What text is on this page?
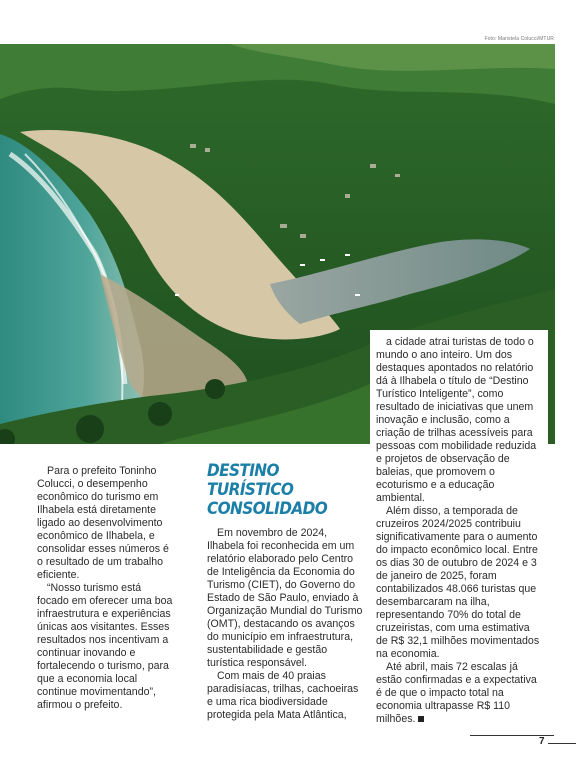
Foto: Maristela Colucci/MTUR

Para o prefeito Toninho Colucci, o desempenho econômico do turismo em Ilhabela está diretamente ligado ao desenvolvimento econômico de Ilhabela, e consolidar esses números é o resultado de um trabalho eficiente.

“Nosso turismo está focado em oferecer uma boa infraestrutura e experiências únicas aos visitantes. Esses resultados nos incentivam a continuar inovando e fortalecendo o turismo, para que a economia local continue movimentando”, afirmou o prefeito.

DESTINO TURÍSTICO
CONSOLIDADO

Em novembro de 2024, Ilhabela foi reconhecida em um relatório elaborado pelo Centro de Inteligência da Economia do Turismo (CIET), do Governo do Estado de São Paulo, enviado à Organização Mundial do Turismo (OMT), destacando os avanços do município em infraestrutura, sustentabilidade e gestão turística responsável.

Com mais de 40 praias paradisíacas, trilhas, cachoeiras e uma rica biodiversidade protegida pela Mata Atlântica,

a cidade atrai turistas de todo o mundo o ano inteiro. Um dos destaques apontados no relatório dá à Ilhabela o título de “Destino Turístico Inteligente”, como resultado de iniciativas que unem inovação e inclusão, como a criação de trilhas acessíveis para pessoas com mobilidade reduzida e projetos de observação de baleias, que promovem o ecoturismo e a educação ambiental.

Além disso, a temporada de cruzeiros 2024/2025 contribuiu significativamente para o aumento do impacto econômico local. Entre os dias 30 de outubro de 2024 e 3 de janeiro de 2025, foram contabilizados 48.066 turistas que desembarcaram na ilha, representando 70% do total de cruzeiristas, com uma estimativa de R$ 32,1 milhões movimentados na economia.

Até abril, mais 72 escalas já estão confirmadas e a expectativa é de que o impacto total na economia ultrapasse R$ 110 milhões.

7
